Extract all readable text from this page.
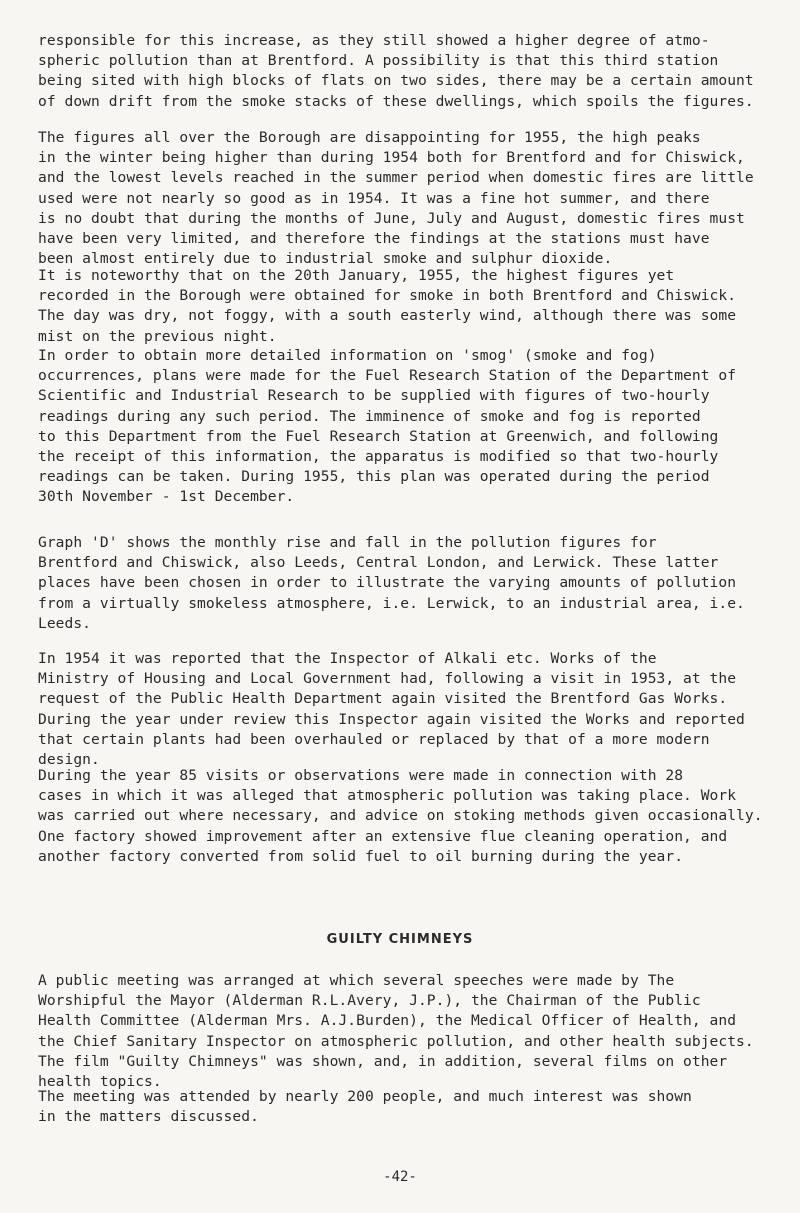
responsible for this increase, as they still showed a higher degree of atmo-
spheric pollution than at Brentford. A possibility is that this third station
being sited with high blocks of flats on two sides, there may be a certain amount
of down drift from the smoke stacks of these dwellings, which spoils the figures.

The figures all over the Borough are disappointing for 1955, the high peaks
in the winter being higher than during 1954 both for Brentford and for Chiswick,
and the lowest levels reached in the summer period when domestic fires are little
used were not nearly so good as in 1954. It was a fine hot summer, and there
is no doubt that during the months of June, July and August, domestic fires must
have been very limited, and therefore the findings at the stations must have
been almost entirely due to industrial smoke and sulphur dioxide.

It is noteworthy that on the 20th January, 1955, the highest figures yet
recorded in the Borough were obtained for smoke in both Brentford and Chiswick.
The day was dry, not foggy, with a south easterly wind, although there was some
mist on the previous night.

In order to obtain more detailed information on 'smog' (smoke and fog)
occurrences, plans were made for the Fuel Research Station of the Department of
Scientific and Industrial Research to be supplied with figures of two-hourly
readings during any such period. The imminence of smoke and fog is reported
to this Department from the Fuel Research Station at Greenwich, and following
the receipt of this information, the apparatus is modified so that two-hourly
readings can be taken. During 1955, this plan was operated during the period
30th November - 1st December.

Graph 'D' shows the monthly rise and fall in the pollution figures for
Brentford and Chiswick, also Leeds, Central London, and Lerwick. These latter
places have been chosen in order to illustrate the varying amounts of pollution
from a virtually smokeless atmosphere, i.e. Lerwick, to an industrial area, i.e.
Leeds.

In 1954 it was reported that the Inspector of Alkali etc. Works of the
Ministry of Housing and Local Government had, following a visit in 1953, at the
request of the Public Health Department again visited the Brentford Gas Works.
During the year under review this Inspector again visited the Works and reported
that certain plants had been overhauled or replaced by that of a more modern
design.

During the year 85 visits or observations were made in connection with 28
cases in which it was alleged that atmospheric pollution was taking place. Work
was carried out where necessary, and advice on stoking methods given occasionally.
One factory showed improvement after an extensive flue cleaning operation, and
another factory converted from solid fuel to oil burning during the year.

GUILTY CHIMNEYS

A public meeting was arranged at which several speeches were made by The
Worshipful the Mayor (Alderman R.L.Avery, J.P.), the Chairman of the Public
Health Committee (Alderman Mrs. A.J.Burden), the Medical Officer of Health, and
the Chief Sanitary Inspector on atmospheric pollution, and other health subjects.
The film "Guilty Chimneys" was shown, and, in addition, several films on other
health topics.

The meeting was attended by nearly 200 people, and much interest was shown
in the matters discussed.

-42-
